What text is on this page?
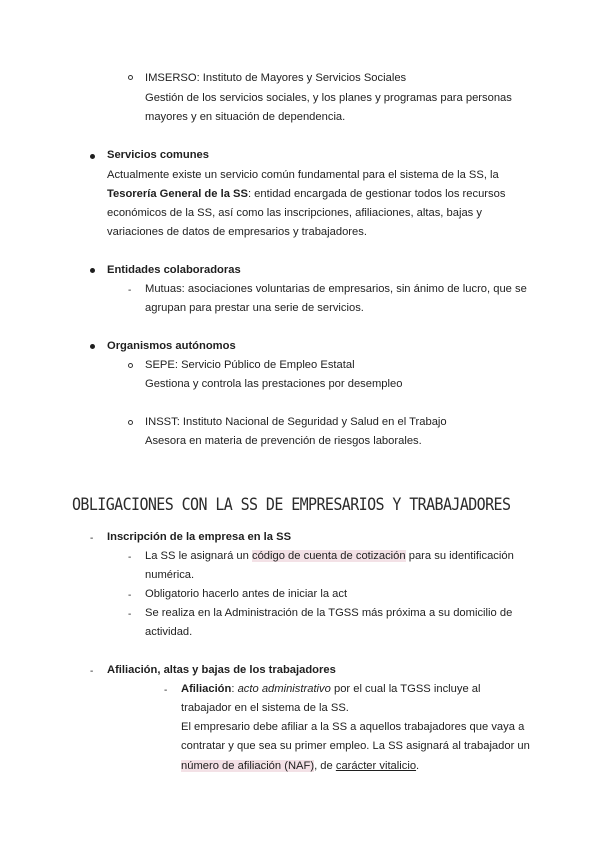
IMSERSO: Instituto de Mayores y Servicios Sociales
Gestión de los servicios sociales, y los planes y programas para personas
mayores y en situación de dependencia.
Servicios comunes
Actualmente existe un servicio común fundamental para el sistema de la SS, la
Tesorería General de la SS: entidad encargada de gestionar todos los recursos
económicos de la SS, así como las inscripciones, afiliaciones, altas, bajas y
variaciones de datos de empresarios y trabajadores.
Entidades colaboradoras
- Mutuas: asociaciones voluntarias de empresarios, sin ánimo de lucro, que se
agrupan para prestar una serie de servicios.
Organismos autónomos
SEPE: Servicio Público de Empleo Estatal
Gestiona y controla las prestaciones por desempleo
INSST: Instituto Nacional de Seguridad y Salud en el Trabajo
Asesora en materia de prevención de riesgos laborales.
OBLIGACIONES CON LA SS DE EMPRESARIOS Y TRABAJADORES
- Inscripción de la empresa en la SS
- La SS le asignará un código de cuenta de cotización para su identificación
numérica.
- Obligatorio hacerlo antes de iniciar la act
- Se realiza en la Administración de la TGSS más próxima a su domicilio de
actividad.
- Afiliación, altas y bajas de los trabajadores
- Afiliación: acto administrativo por el cual la TGSS incluye al
trabajador en el sistema de la SS.
El empresario debe afiliar a la SS a aquellos trabajadores que vaya a
contratar y que sea su primer empleo. La SS asignará al trabajador un
número de afiliación (NAF), de carácter vitalicio.
